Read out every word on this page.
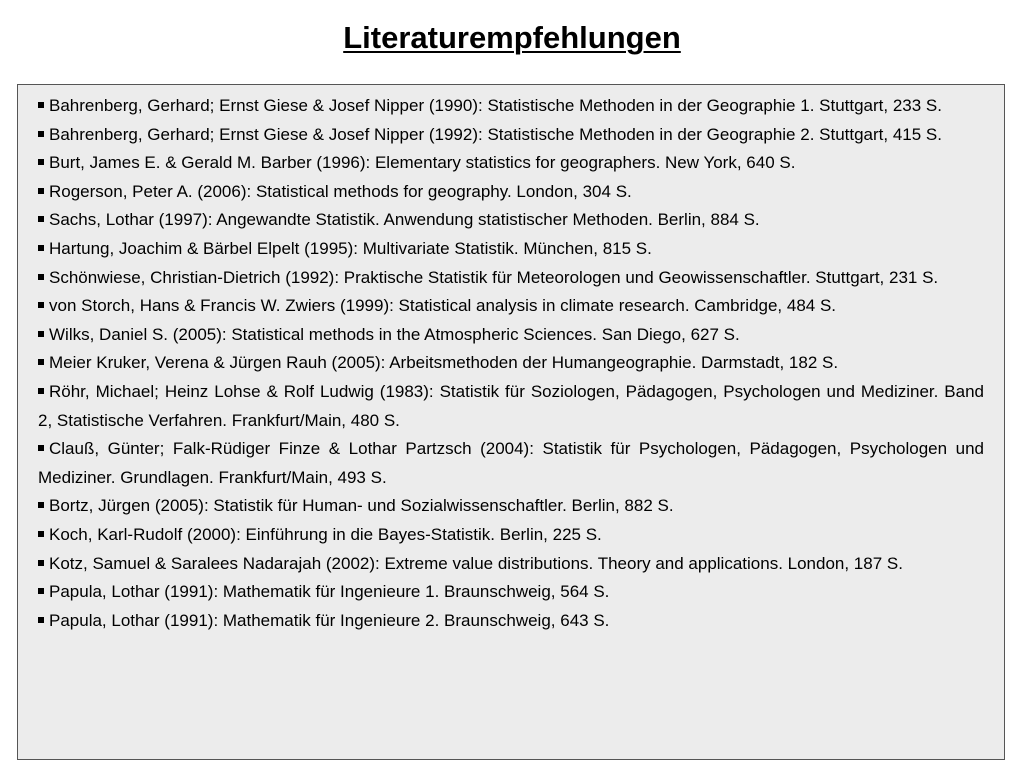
Literaturempfehlungen
Bahrenberg, Gerhard; Ernst Giese & Josef Nipper (1990): Statistische Methoden in der Geographie 1. Stuttgart, 233 S.
Bahrenberg, Gerhard; Ernst Giese & Josef Nipper (1992): Statistische Methoden in der Geographie 2. Stuttgart, 415 S.
Burt, James E. & Gerald M. Barber (1996): Elementary statistics for geographers. New York, 640 S.
Rogerson, Peter A. (2006): Statistical methods for geography. London, 304 S.
Sachs, Lothar (1997): Angewandte Statistik. Anwendung statistischer Methoden. Berlin, 884 S.
Hartung, Joachim & Bärbel Elpelt (1995): Multivariate Statistik. München, 815 S.
Schönwiese, Christian-Dietrich (1992): Praktische Statistik für Meteorologen und Geowissenschaftler. Stuttgart, 231 S.
von Storch, Hans & Francis W. Zwiers (1999): Statistical analysis in climate research. Cambridge, 484 S.
Wilks, Daniel S. (2005): Statistical methods in the Atmospheric Sciences. San Diego, 627 S.
Meier Kruker, Verena & Jürgen Rauh (2005): Arbeitsmethoden der Humangeographie. Darmstadt, 182 S.
Röhr, Michael; Heinz Lohse & Rolf Ludwig (1983): Statistik für Soziologen, Pädagogen, Psychologen und Mediziner. Band 2, Statistische Verfahren. Frankfurt/Main, 480 S.
Clauß, Günter; Falk-Rüdiger Finze & Lothar Partzsch (2004): Statistik für Psychologen, Pädagogen, Psychologen und Mediziner. Grundlagen. Frankfurt/Main, 493 S.
Bortz, Jürgen (2005): Statistik für Human- und Sozialwissenschaftler. Berlin, 882 S.
Koch, Karl-Rudolf (2000): Einführung in die Bayes-Statistik. Berlin, 225 S.
Kotz, Samuel & Saralees Nadarajah (2002): Extreme value distributions. Theory and applications. London, 187 S.
Papula, Lothar (1991): Mathematik für Ingenieure 1. Braunschweig, 564 S.
Papula, Lothar (1991): Mathematik für Ingenieure 2. Braunschweig, 643 S.
